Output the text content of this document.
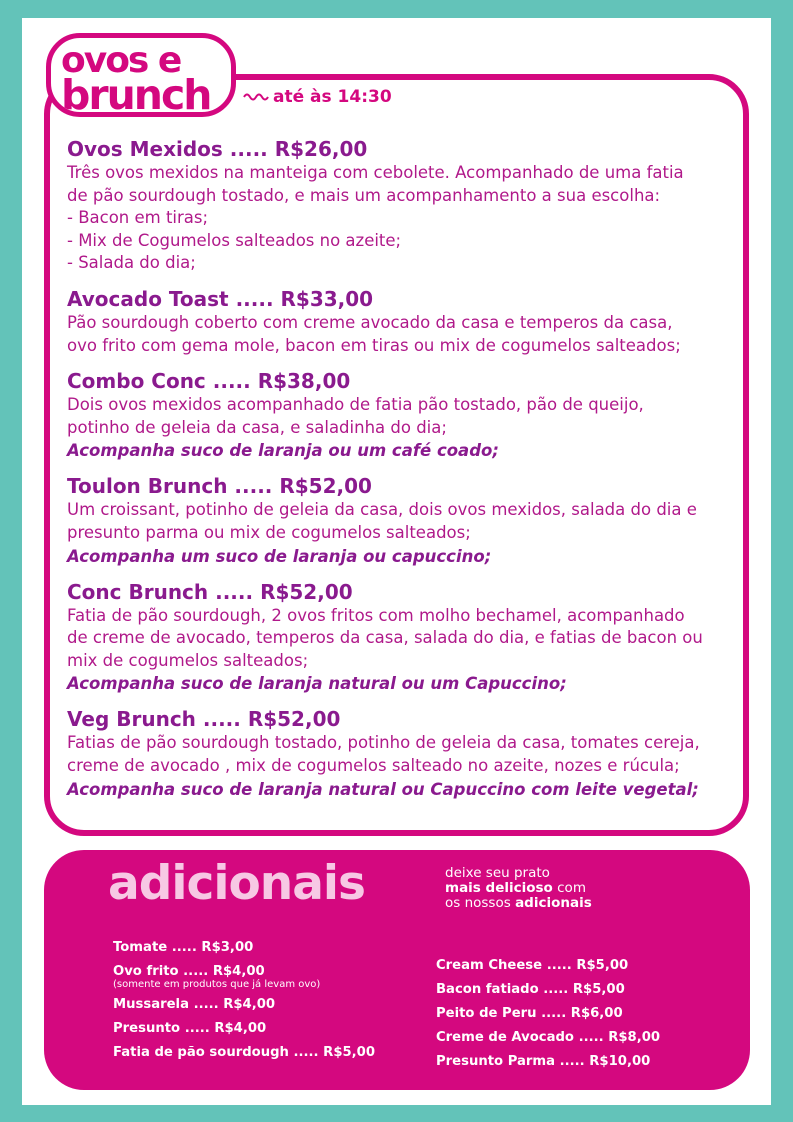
ovos e
brunch	até às 14:30
Ovos Mexidos ..... R$26,00
Três ovos mexidos na manteiga com cebolete. Acompanhado de uma fatia
de pão sourdough tostado, e mais um acompanhamento a sua escolha:
- Bacon em tiras;
- Mix de Cogumelos salteados no azeite;
- Salada do dia;
Avocado Toast ..... R$33,00
Pão sourdough coberto com creme avocado da casa e temperos da casa,
ovo frito com gema mole, bacon em tiras ou mix de cogumelos salteados;
Combo Conc ..... R$38,00
Dois ovos mexidos acompanhado de fatia pão tostado, pão de queijo,
potinho de geleia da casa, e saladinha do dia;
Acompanha suco de laranja ou um café coado;
Toulon Brunch ..... R$52,00
Um croissant, potinho de geleia da casa, dois ovos mexidos, salada do dia e
presunto parma ou mix de cogumelos salteados;
Acompanha um suco de laranja ou capuccino;
Conc Brunch ..... R$52,00
Fatia de pão sourdough, 2 ovos fritos com molho bechamel, acompanhado
de creme de avocado, temperos da casa, salada do dia, e fatias de bacon ou
mix de cogumelos salteados;
Acompanha suco de laranja natural ou um Capuccino;
Veg Brunch ..... R$52,00
Fatias de pão sourdough tostado, potinho de geleia da casa, tomates cereja,
creme de avocado , mix de cogumelos salteado no azeite, nozes e rúcula;
Acompanha suco de laranja natural ou Capuccino com leite vegetal;
adicionais	deixe seu prato
mais delicioso com
os nossos adicionais
Tomate ..... R$3,00
Ovo frito ..... R$4,00
(somente em produtos que já levam ovo)
Mussarela ..... R$4,00
Presunto ..... R$4,00
Fatia de pão sourdough ..... R$5,00
Cream Cheese ..... R$5,00
Bacon fatiado ..... R$5,00
Peito de Peru ..... R$6,00
Creme de Avocado ..... R$8,00
Presunto Parma ..... R$10,00
